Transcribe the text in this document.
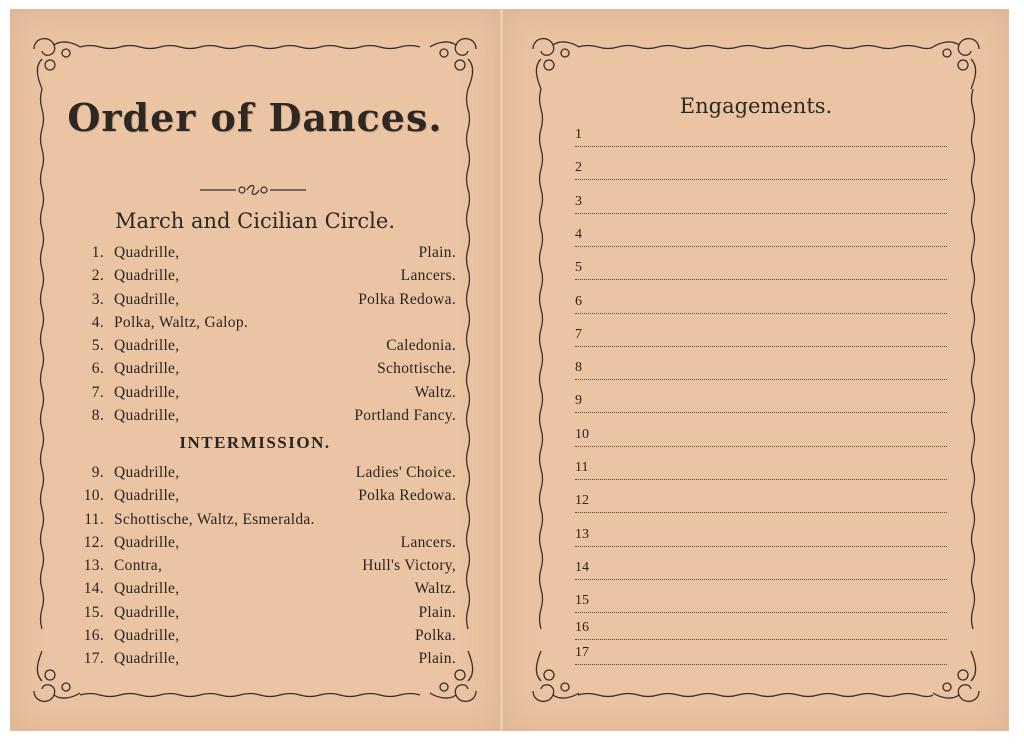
Order of Dances.
March and Cicilian Circle.
1. Quadrille,	Plain.
2. Quadrille,	Lancers.
3. Quadrille,	Polka Redowa.
4. Polka, Waltz, Galop.
5. Quadrille,	Caledonia.
6. Quadrille,	Schottische.
7. Quadrille,	Waltz.
8. Quadrille,	Portland Fancy.
INTERMISSION.
9. Quadrille,	Ladies' Choice.
10. Quadrille,	Polka Redowa.
11. Schottische, Waltz, Esmeralda.
12. Quadrille,	Lancers.
13. Contra,	Hull's Victory,
14. Quadrille,	Waltz.
15. Quadrille,	Plain.
16. Quadrille,	Polka.
17. Quadrille,	Plain.
Engagements.
1
2
3
4
5
6
7
8
9
10
11
12
13
14
15
16
17
